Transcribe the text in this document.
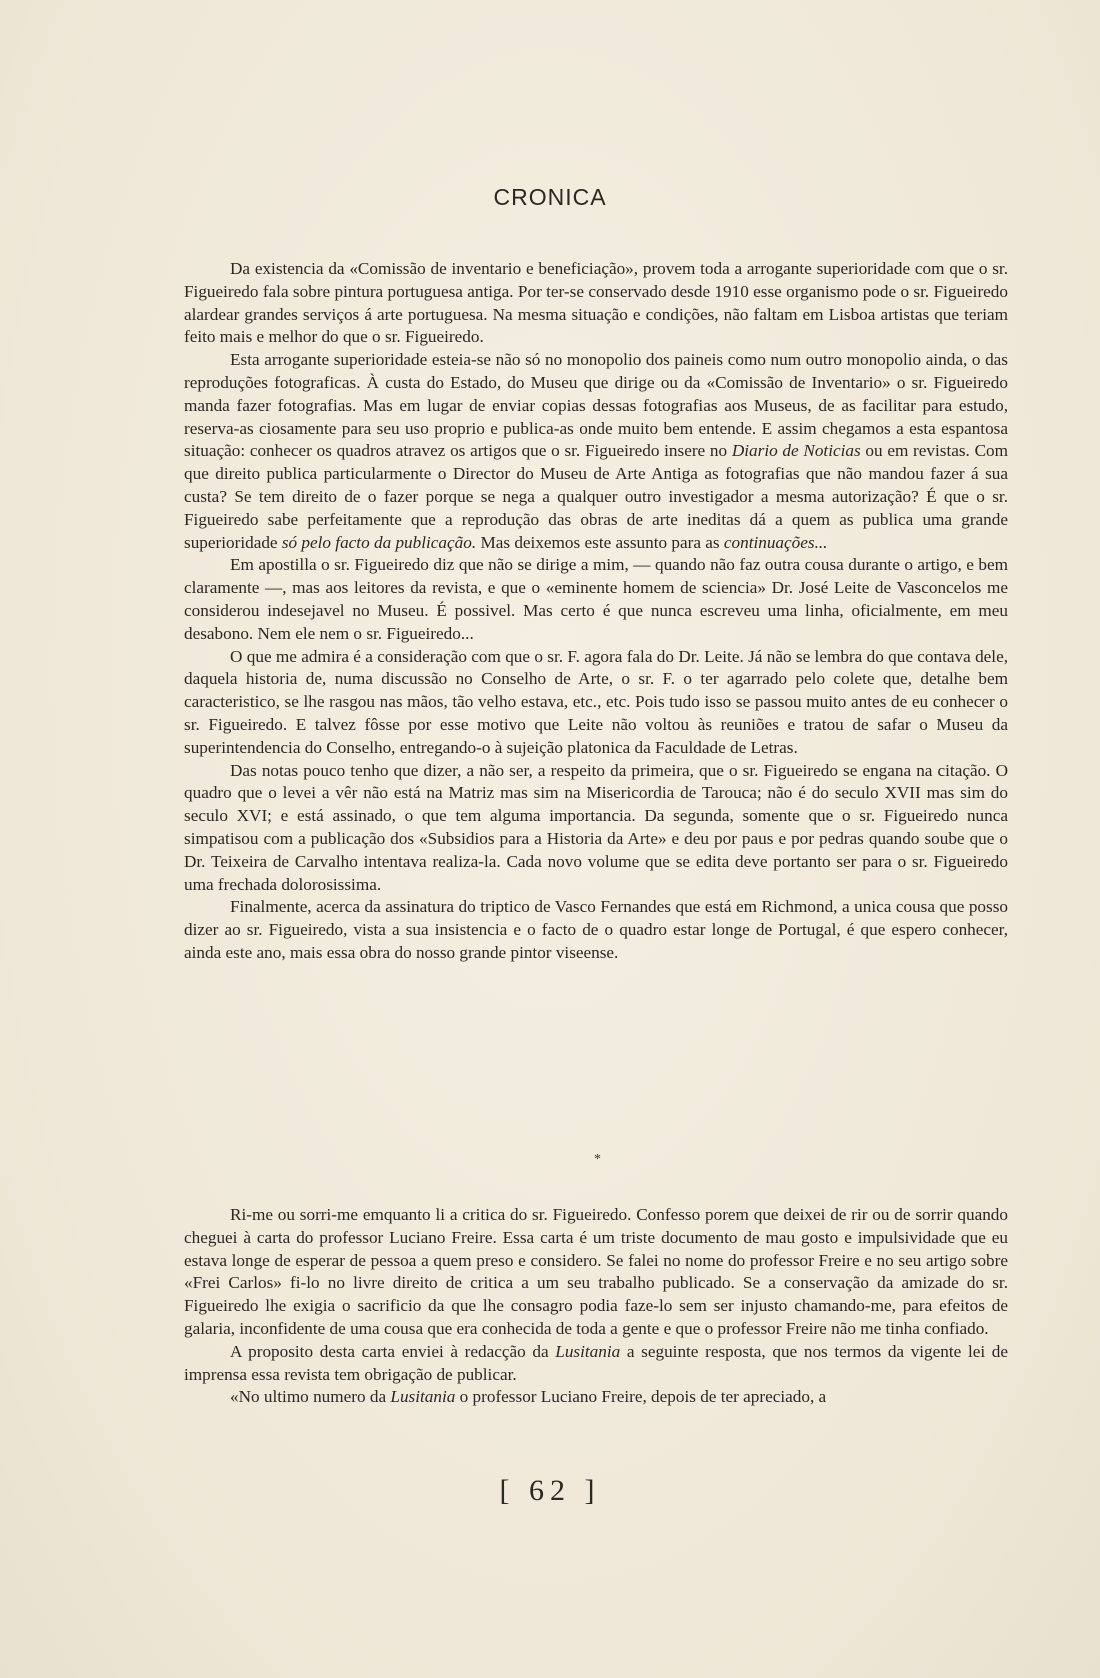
CRONICA

Da existencia da «Comissão de inventario e beneficiação», provem toda a arrogante superioridade com que o sr. Figueiredo fala sobre pintura portuguesa antiga. Por ter-se conservado desde 1910 esse organismo pode o sr. Figueiredo alardear grandes serviços á arte portuguesa. Na mesma situação e condições, não faltam em Lisboa artistas que teriam feito mais e melhor do que o sr. Figueiredo.

Esta arrogante superioridade esteia-se não só no monopolio dos paineis como num outro monopolio ainda, o das reproduções fotograficas. À custa do Estado, do Museu que dirige ou da «Comissão de Inventario» o sr. Figueiredo manda fazer fotografias. Mas em lugar de enviar copias dessas fotografias aos Museus, de as facilitar para estudo, reserva-as ciosamente para seu uso proprio e publica-as onde muito bem entende. E assim chegamos a esta espantosa situação: conhecer os quadros atravez os artigos que o sr. Figueiredo insere no Diario de Noticias ou em revistas. Com que direito publica particularmente o Director do Museu de Arte Antiga as fotografias que não mandou fazer á sua custa? Se tem direito de o fazer porque se nega a qualquer outro investigador a mesma autorização? É que o sr. Figueiredo sabe perfeitamente que a reprodução das obras de arte ineditas dá a quem as publica uma grande superioridade só pelo facto da publicação. Mas deixemos este assunto para as continuações...

Em apostilla o sr. Figueiredo diz que não se dirige a mim, — quando não faz outra cousa durante o artigo, e bem claramente —, mas aos leitores da revista, e que o «eminente homem de sciencia» Dr. José Leite de Vasconcelos me considerou indesejavel no Museu. É possivel. Mas certo é que nunca escreveu uma linha, oficialmente, em meu desabono. Nem ele nem o sr. Figueiredo...

O que me admira é a consideração com que o sr. F. agora fala do Dr. Leite. Já não se lembra do que contava dele, daquela historia de, numa discussão no Conselho de Arte, o sr. F. o ter agarrado pelo colete que, detalhe bem caracteristico, se lhe rasgou nas mãos, tão velho estava, etc., etc. Pois tudo isso se passou muito antes de eu conhecer o sr. Figueiredo. E talvez fôsse por esse motivo que Leite não voltou às reuniões e tratou de safar o Museu da superintendencia do Conselho, entregando-o à sujeição platonica da Faculdade de Letras.

Das notas pouco tenho que dizer, a não ser, a respeito da primeira, que o sr. Figueiredo se engana na citação. O quadro que o levei a vêr não está na Matriz mas sim na Misericordia de Tarouca; não é do seculo XVII mas sim do seculo XVI; e está assinado, o que tem alguma importancia. Da segunda, somente que o sr. Figueiredo nunca simpatisou com a publicação dos «Subsidios para a Historia da Arte» e deu por paus e por pedras quando soube que o Dr. Teixeira de Carvalho intentava realiza-la. Cada novo volume que se edita deve portanto ser para o sr. Figueiredo uma frechada dolorosissima.

Finalmente, acerca da assinatura do triptico de Vasco Fernandes que está em Richmond, a unica cousa que posso dizer ao sr. Figueiredo, vista a sua insistencia e o facto de o quadro estar longe de Portugal, é que espero conhecer, ainda este ano, mais essa obra do nosso grande pintor viseense.

*

Ri-me ou sorri-me emquanto li a critica do sr. Figueiredo. Confesso porem que deixei de rir ou de sorrir quando cheguei à carta do professor Luciano Freire. Essa carta é um triste documento de mau gosto e impulsividade que eu estava longe de esperar de pessoa a quem preso e considero. Se falei no nome do professor Freire e no seu artigo sobre «Frei Carlos» fi-lo no livre direito de critica a um seu trabalho publicado. Se a conservação da amizade do sr. Figueiredo lhe exigia o sacrificio da que lhe consagro podia faze-lo sem ser injusto chamando-me, para efeitos de galaria, inconfidente de uma cousa que era conhecida de toda a gente e que o professor Freire não me tinha confiado.

A proposito desta carta enviei à redacção da Lusitania a seguinte resposta, que nos termos da vigente lei de imprensa essa revista tem obrigação de publicar.

«No ultimo numero da Lusitania o professor Luciano Freire, depois de ter apreciado, a

[ 62 ]
